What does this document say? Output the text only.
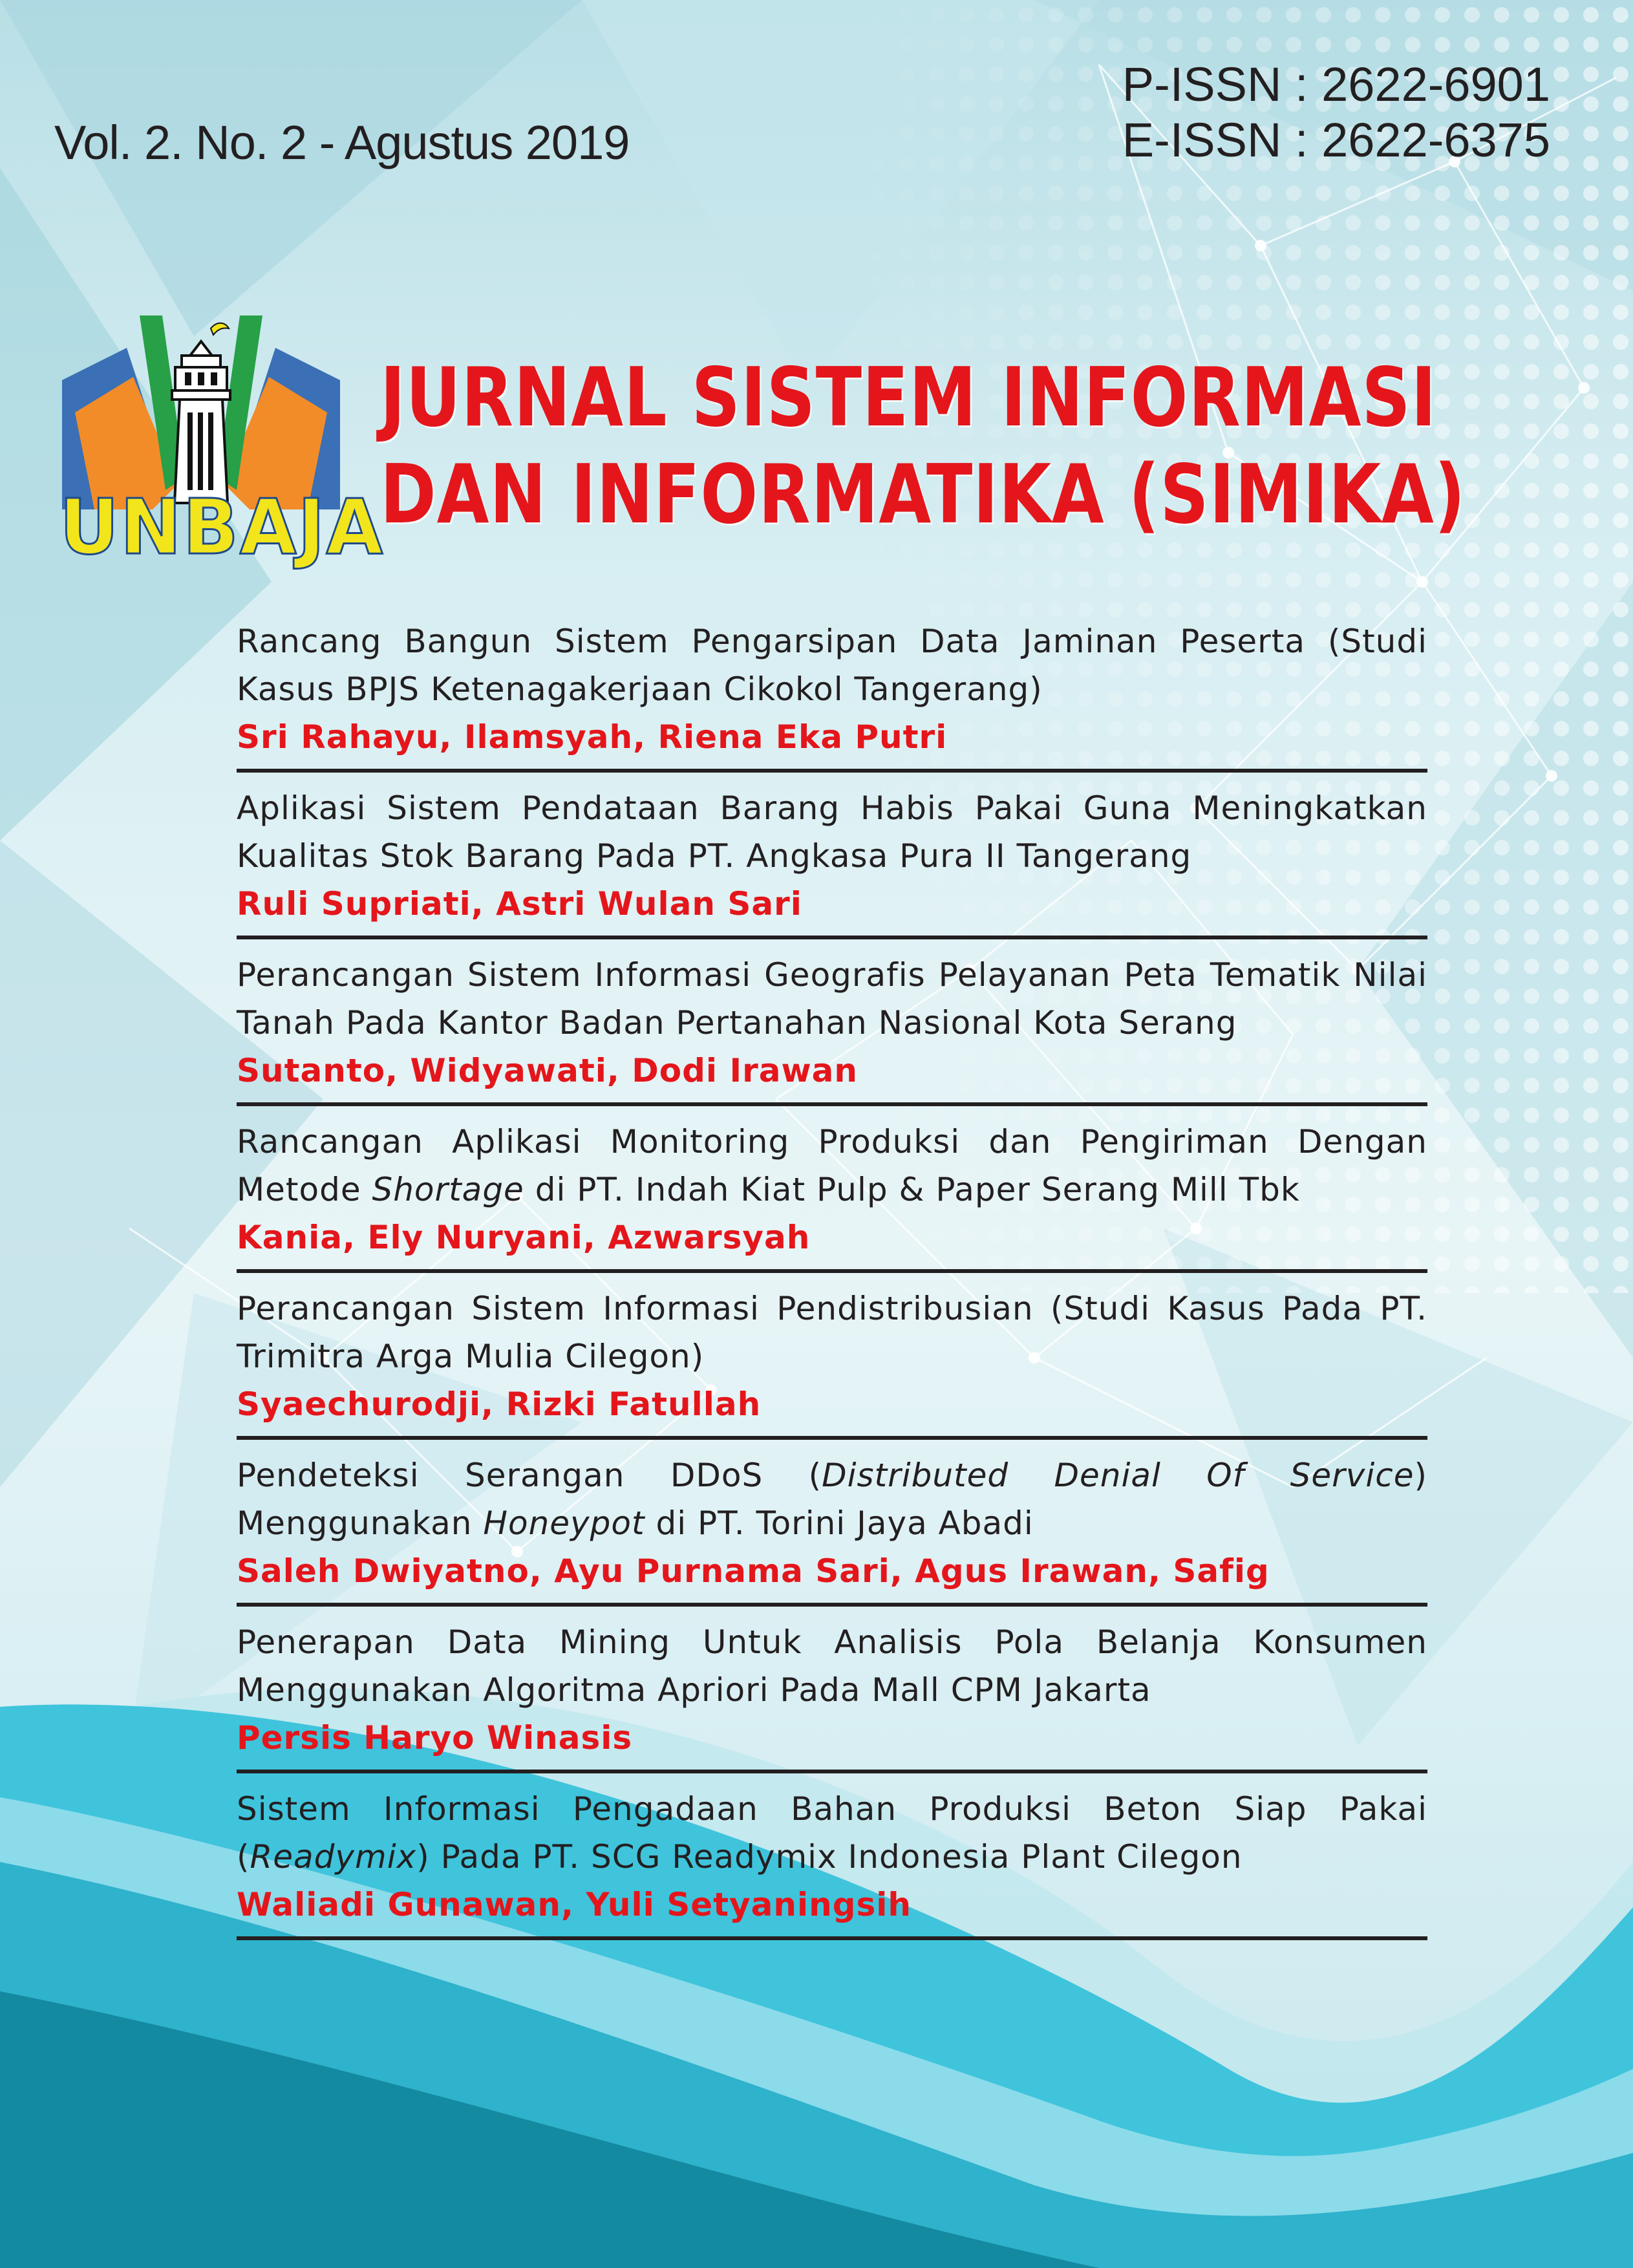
Vol. 2. No. 2 - Agustus 2019
P-ISSN : 2622-6901
E-ISSN : 2622-6375
UNBAJA
JURNAL SISTEM INFORMASI
DAN INFORMATIKA (SIMIKA)
Rancang Bangun Sistem Pengarsipan Data Jaminan Peserta (Studi Kasus BPJS Ketenagakerjaan Cikokol Tangerang)
Sri Rahayu, Ilamsyah, Riena Eka Putri
Aplikasi Sistem Pendataan Barang Habis Pakai Guna Meningkatkan Kualitas Stok Barang Pada PT. Angkasa Pura II Tangerang
Ruli Supriati, Astri Wulan Sari
Perancangan Sistem Informasi Geografis Pelayanan Peta Tematik Nilai Tanah Pada Kantor Badan Pertanahan Nasional Kota Serang
Sutanto, Widyawati, Dodi Irawan
Rancangan Aplikasi Monitoring Produksi dan Pengiriman Dengan Metode Shortage di PT. Indah Kiat Pulp & Paper Serang Mill Tbk
Kania, Ely Nuryani, Azwarsyah
Perancangan Sistem Informasi Pendistribusian (Studi Kasus Pada PT. Trimitra Arga Mulia Cilegon)
Syaechurodji, Rizki Fatullah
Pendeteksi Serangan DDoS (Distributed Denial Of Service) Menggunakan Honeypot di PT. Torini Jaya Abadi
Saleh Dwiyatno, Ayu Purnama Sari, Agus Irawan, Safig
Penerapan Data Mining Untuk Analisis Pola Belanja Konsumen Menggunakan Algoritma Apriori Pada Mall CPM Jakarta
Persis Haryo Winasis
Sistem Informasi Pengadaan Bahan Produksi Beton Siap Pakai (Readymix) Pada PT. SCG Readymix Indonesia Plant Cilegon
Waliadi Gunawan, Yuli Setyaningsih
